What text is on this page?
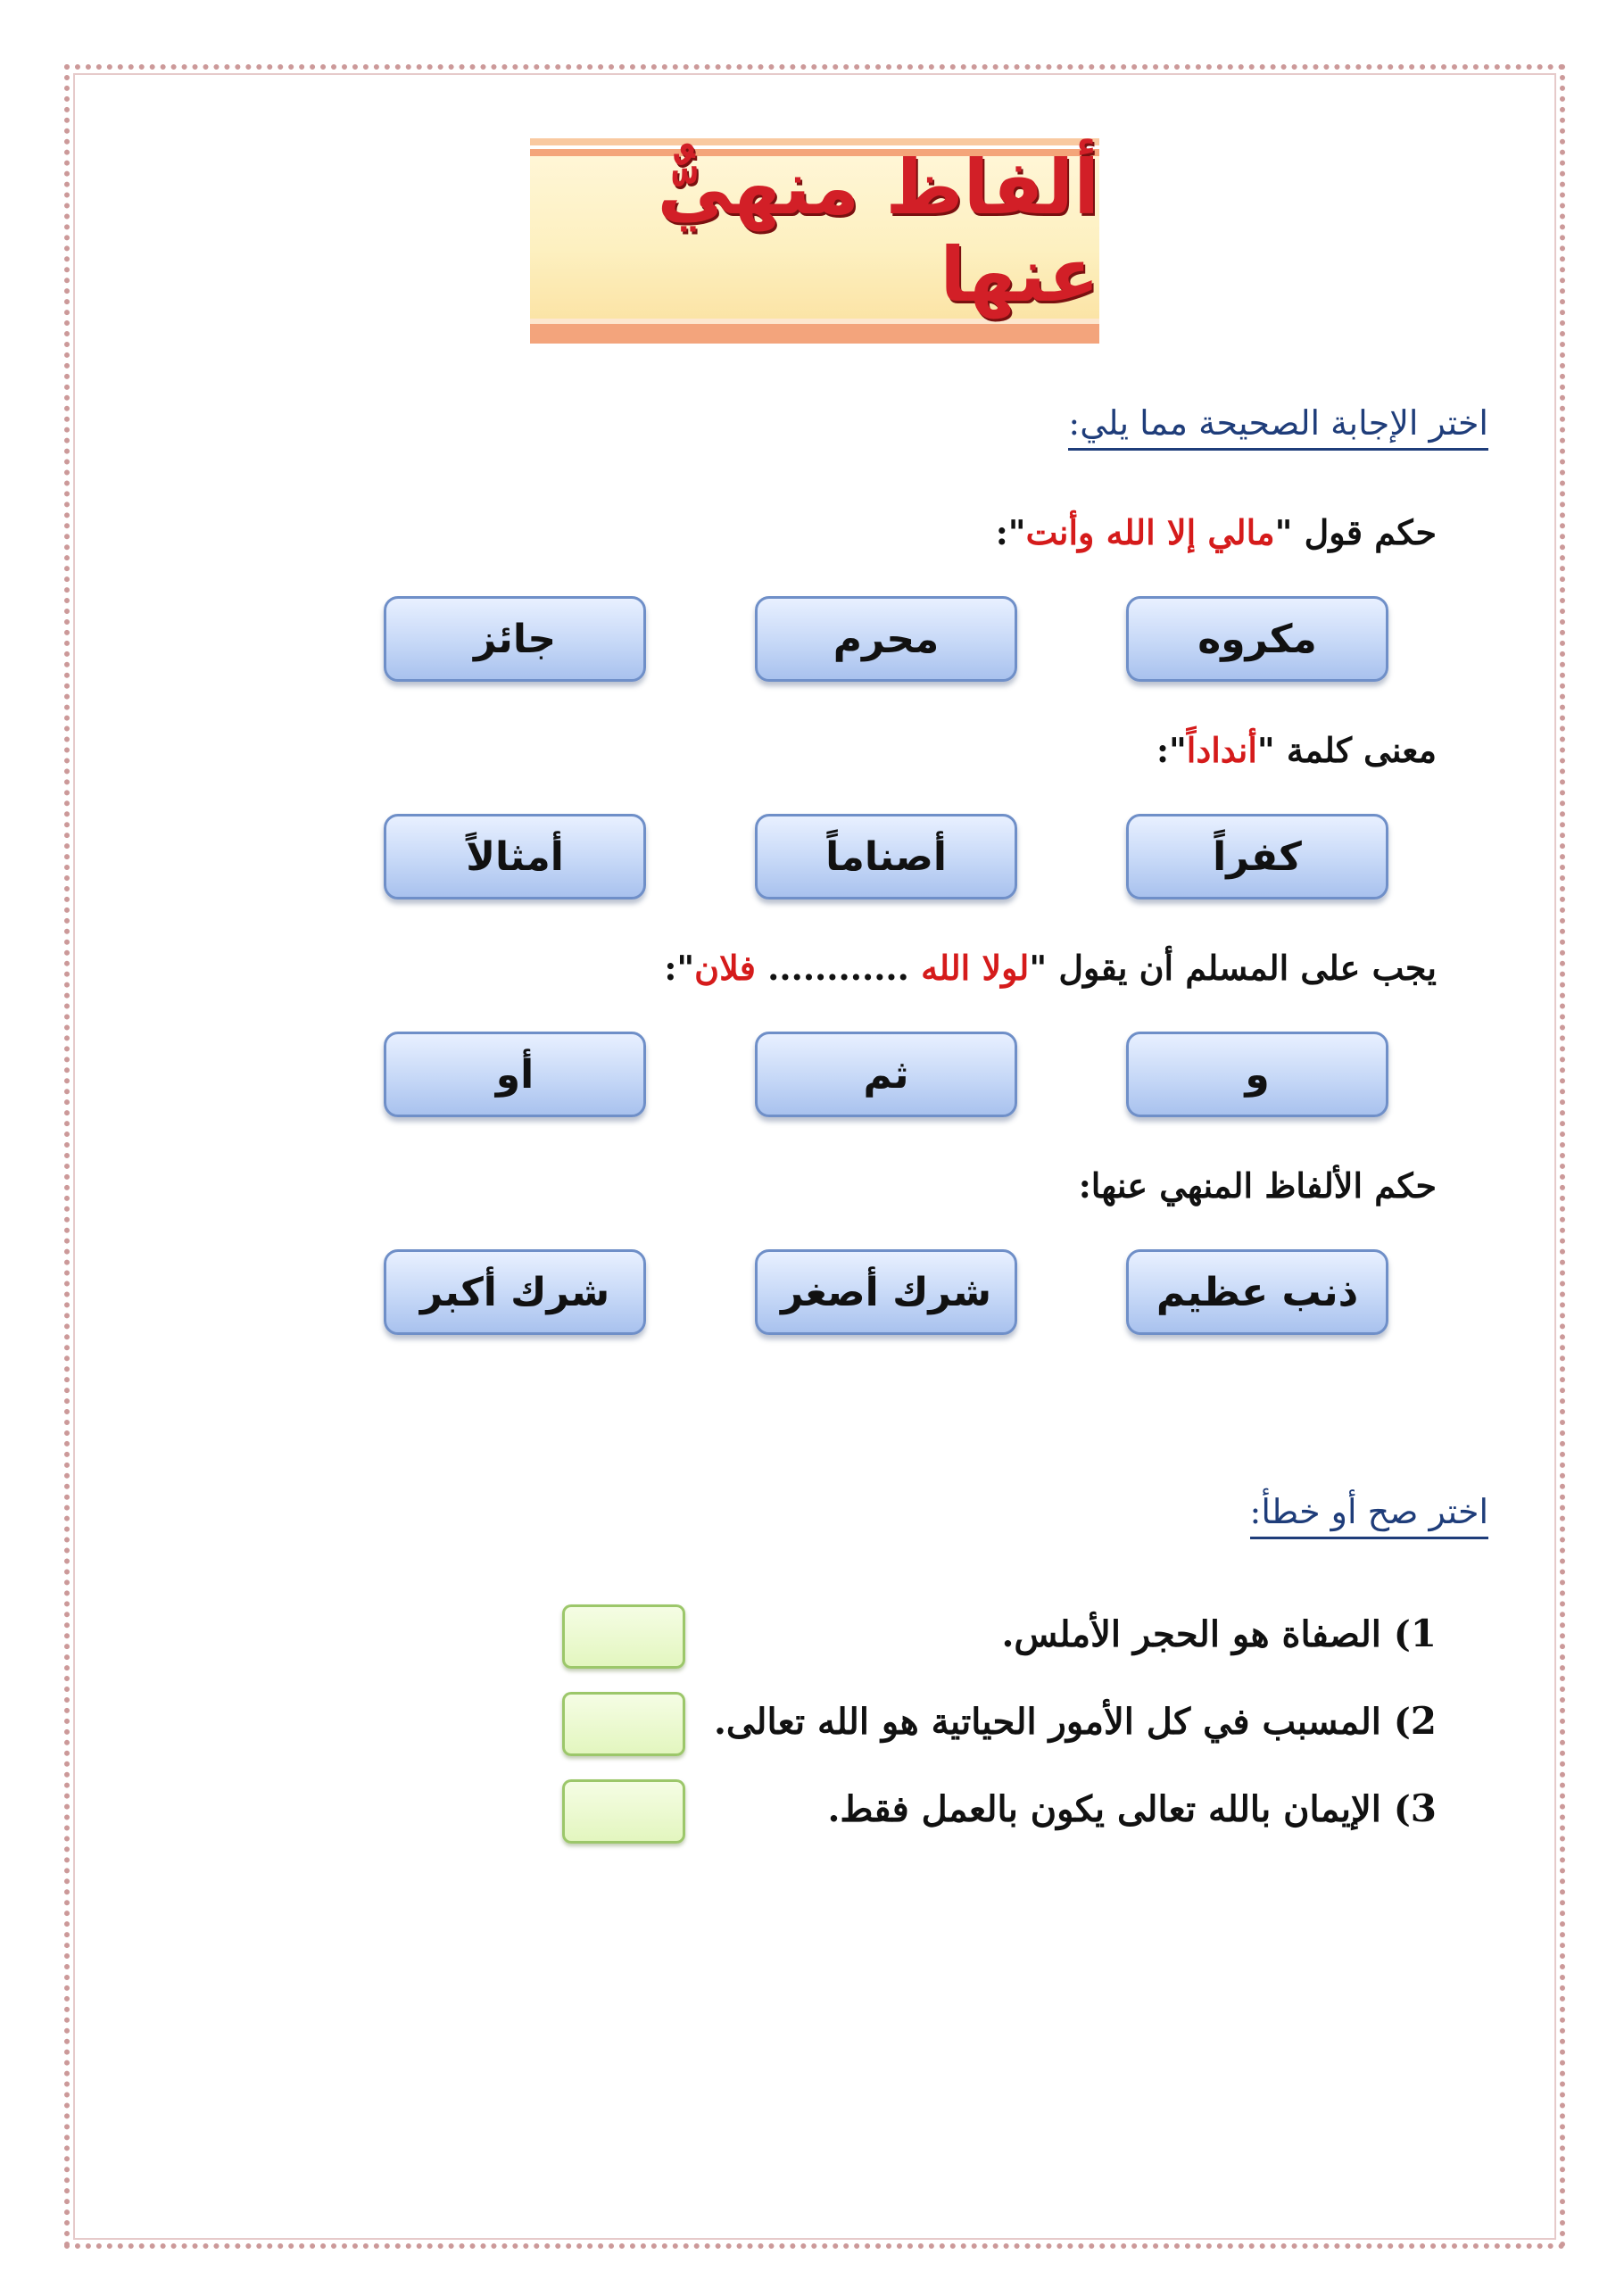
ألفاظ منهيٌّ عنها
اختر الإجابة الصحيحة مما يلي:
حكم قول "مالي إلا الله وأنت":
مكروه
محرم
جائز
معنى كلمة "أنداداً":
كفراً
أصناماً
أمثالاً
يجب على المسلم أن يقول "لولا الله ............ فلان":
و
ثم
أو
حكم الألفاظ المنهي عنها:
ذنب عظيم
شرك أصغر
شرك أكبر
اختر صح أو خطأ:
1) الصفاة هو الحجر الأملس.
2) المسبب في كل الأمور الحياتية هو الله تعالى.
3) الإيمان بالله تعالى يكون بالعمل فقط.
